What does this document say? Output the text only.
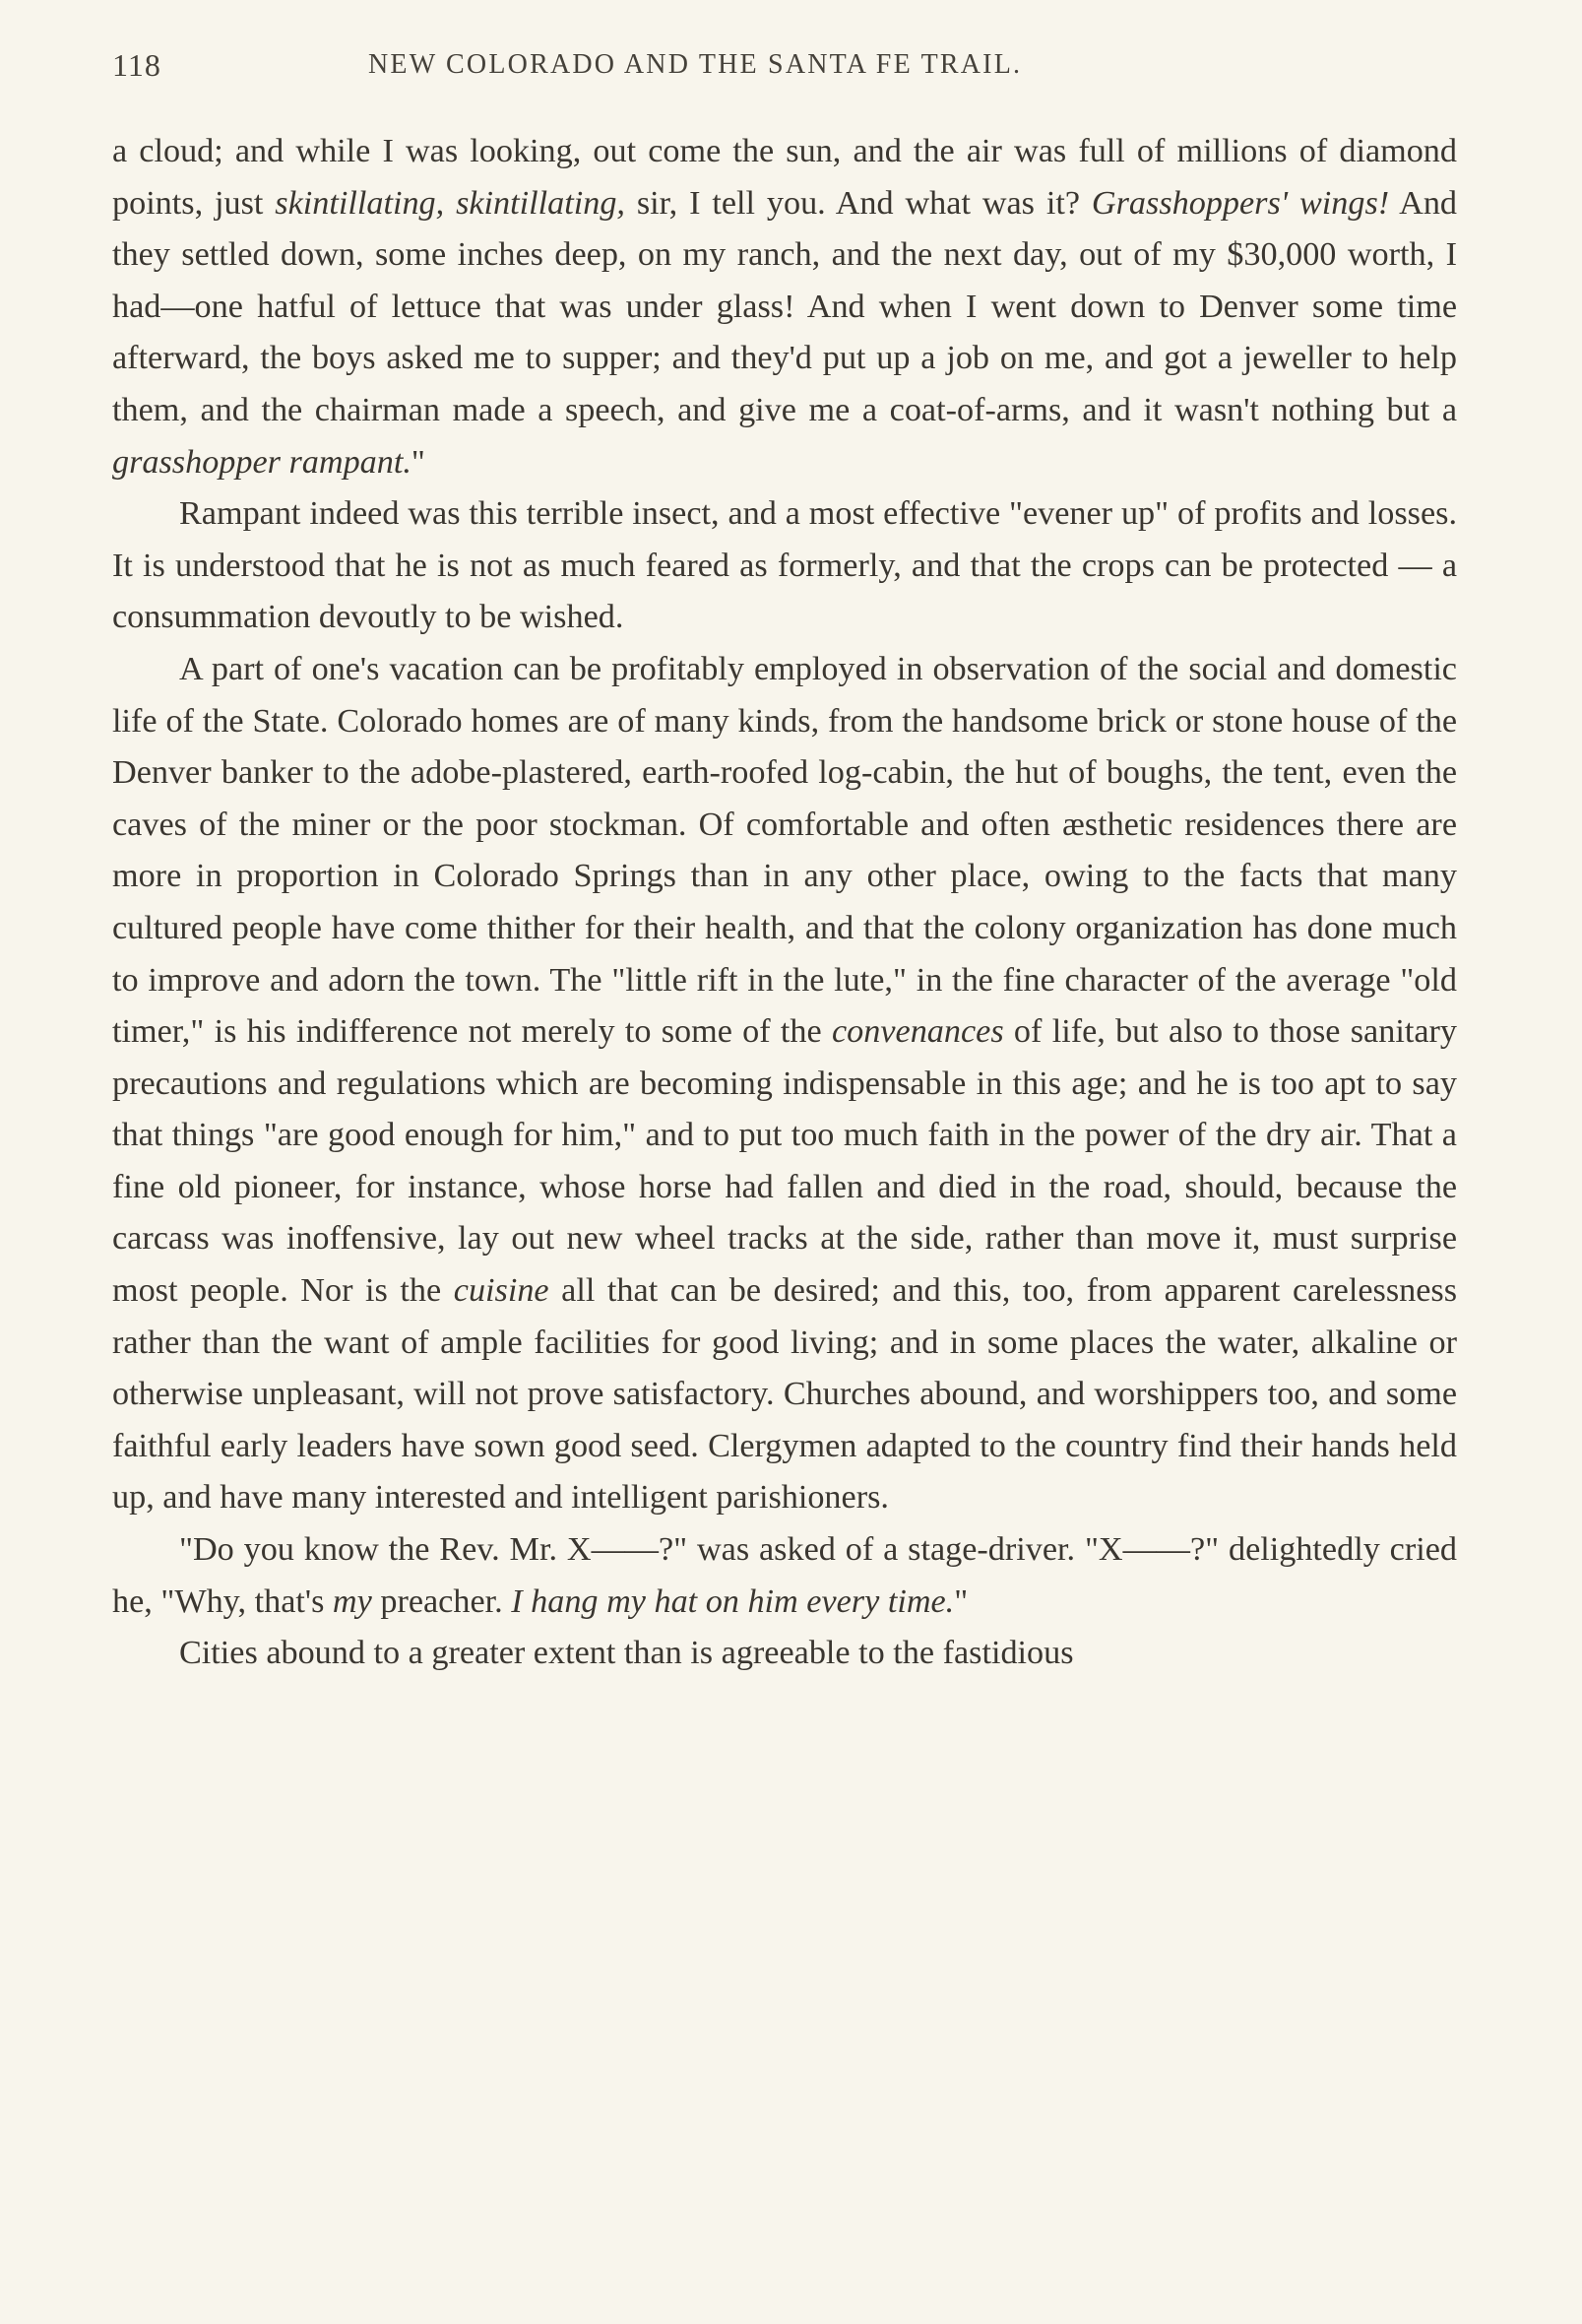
118	NEW COLORADO AND THE SANTA FE TRAIL.

a cloud; and while I was looking, out come the sun, and the air was full of millions of diamond points, just skintillating, skintillating, sir, I tell you. And what was it? Grasshoppers' wings! And they settled down, some inches deep, on my ranch, and the next day, out of my $30,000 worth, I had—one hatful of lettuce that was under glass! And when I went down to Denver some time afterward, the boys asked me to supper; and they'd put up a job on me, and got a jeweller to help them, and the chairman made a speech, and give me a coat-of-arms, and it wasn't nothing but a grasshopper rampant."

Rampant indeed was this terrible insect, and a most effective "evener up" of profits and losses. It is understood that he is not as much feared as formerly, and that the crops can be protected — a consummation devoutly to be wished.

A part of one's vacation can be profitably employed in observation of the social and domestic life of the State. Colorado homes are of many kinds, from the handsome brick or stone house of the Denver banker to the adobe-plastered, earth-roofed log-cabin, the hut of boughs, the tent, even the caves of the miner or the poor stockman. Of comfortable and often æsthetic residences there are more in proportion in Colorado Springs than in any other place, owing to the facts that many cultured people have come thither for their health, and that the colony organization has done much to improve and adorn the town. The "little rift in the lute," in the fine character of the average "old timer," is his indifference not merely to some of the convenances of life, but also to those sanitary precautions and regulations which are becoming indispensable in this age; and he is too apt to say that things "are good enough for him," and to put too much faith in the power of the dry air. That a fine old pioneer, for instance, whose horse had fallen and died in the road, should, because the carcass was inoffensive, lay out new wheel tracks at the side, rather than move it, must surprise most people. Nor is the cuisine all that can be desired; and this, too, from apparent carelessness rather than the want of ample facilities for good living; and in some places the water, alkaline or otherwise unpleasant, will not prove satisfactory. Churches abound, and worshippers too, and some faithful early leaders have sown good seed. Clergymen adapted to the country find their hands held up, and have many interested and intelligent parishioners.

"Do you know the Rev. Mr. X——?" was asked of a stage-driver. "X——?" delightedly cried he, "Why, that's my preacher. I hang my hat on him every time."

Cities abound to a greater extent than is agreeable to the fastidious
